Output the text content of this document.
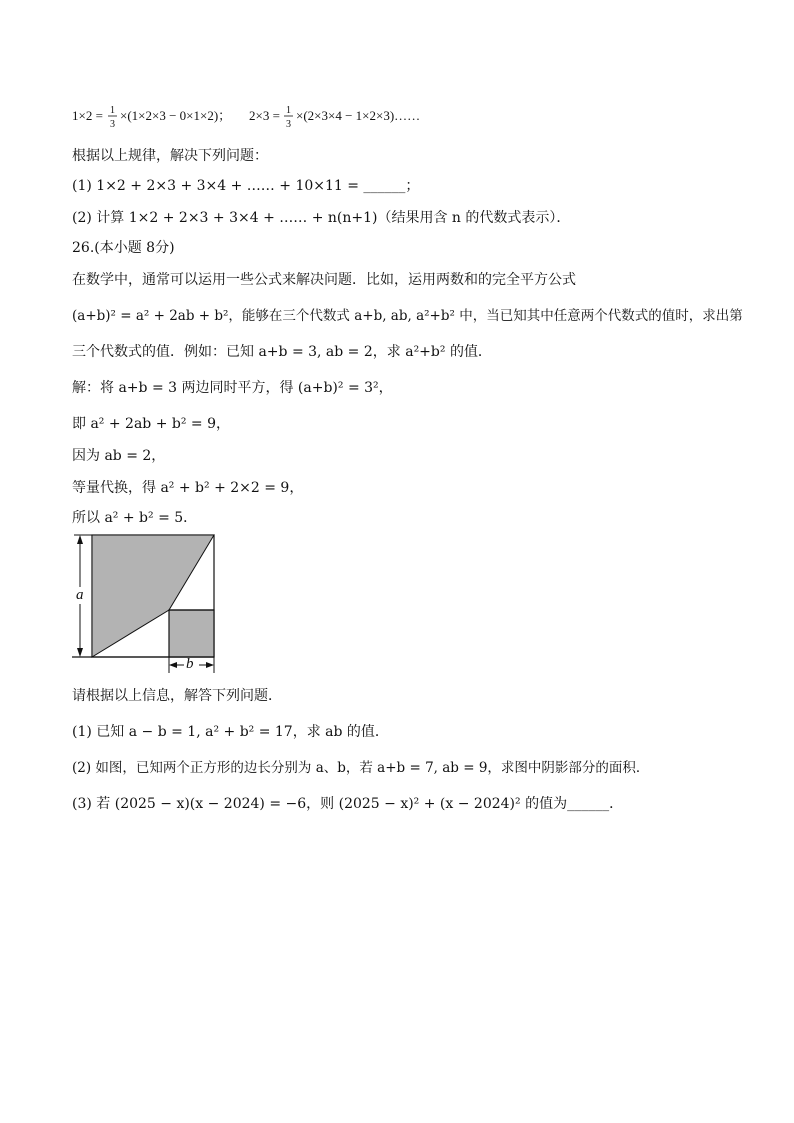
1×2 = 1
3
×(1×2×3 − 0×1×2)； 2×3 = 1
3
×(2×3×4 − 1×2×3)……
根据以上规律，解决下列问题：
(1) 1×2 + 2×3 + 3×4 + …… + 10×11 = ______；
(2) 计算 1×2 + 2×3 + 3×4 + …… + n(n+1)（结果用含 n 的代数式表示）．
26.(本小题 8分)
在数学中，通常可以运用一些公式来解决问题．比如，运用两数和的完全平方公式
(a+b)² = a² + 2ab + b²，能够在三个代数式 a+b, ab, a²+b² 中，当已知其中任意两个代数式的值时，求出第
三个代数式的值．例如：已知 a+b = 3, ab = 2，求 a²+b² 的值．
解：将 a+b = 3 两边同时平方，得 (a+b)² = 3²，
即 a² + 2ab + b² = 9，
因为 ab = 2，
等量代换，得 a² + b² + 2×2 = 9，
所以 a² + b² = 5．
a
b
请根据以上信息，解答下列问题．
(1) 已知 a − b = 1, a² + b² = 17，求 ab 的值．
(2) 如图，已知两个正方形的边长分别为 a、b，若 a+b = 7, ab = 9，求图中阴影部分的面积．
(3) 若 (2025 − x)(x − 2024) = −6，则 (2025 − x)² + (x − 2024)² 的值为______．
